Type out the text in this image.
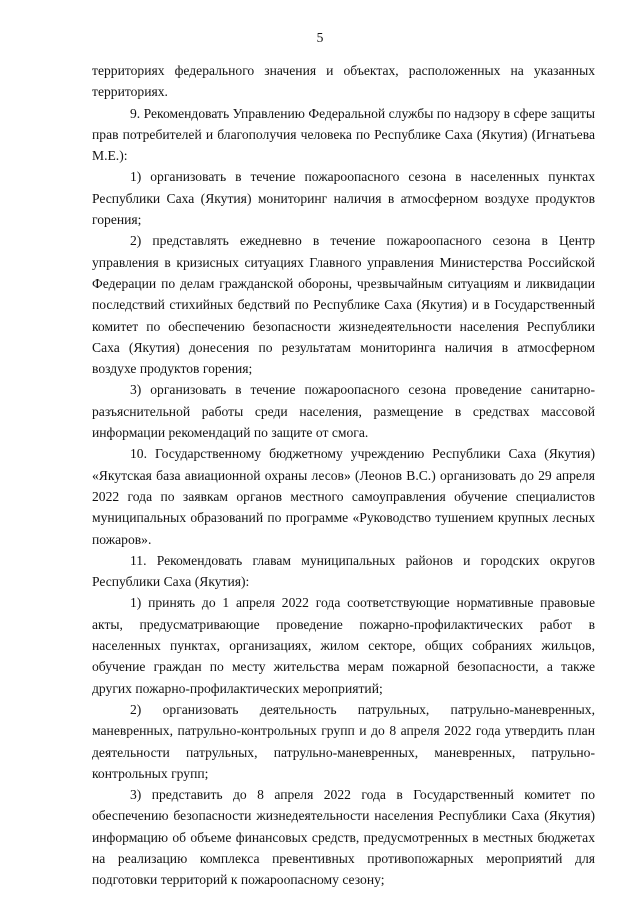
5

территориях федерального значения и объектах, расположенных на указанных территориях.

9. Рекомендовать Управлению Федеральной службы по надзору в сфере защиты прав потребителей и благополучия человека по Республике Саха (Якутия) (Игнатьева М.Е.):

1) организовать в течение пожароопасного сезона в населенных пунктах Республики Саха (Якутия) мониторинг наличия в атмосферном воздухе продуктов горения;

2) представлять ежедневно в течение пожароопасного сезона в Центр управления в кризисных ситуациях Главного управления Министерства Российской Федерации по делам гражданской обороны, чрезвычайным ситуациям и ликвидации последствий стихийных бедствий по Республике Саха (Якутия) и в Государственный комитет по обеспечению безопасности жизнедеятельности населения Республики Саха (Якутия) донесения по результатам мониторинга наличия в атмосферном воздухе продуктов горения;

3) организовать в течение пожароопасного сезона проведение санитарно-разъяснительной работы среди населения, размещение в средствах массовой информации рекомендаций по защите от смога.

10. Государственному бюджетному учреждению Республики Саха (Якутия) «Якутская база авиационной охраны лесов» (Леонов В.С.) организовать до 29 апреля 2022 года по заявкам органов местного самоуправления обучение специалистов муниципальных образований по программе «Руководство тушением крупных лесных пожаров».

11. Рекомендовать главам муниципальных районов и городских округов Республики Саха (Якутия):

1) принять до 1 апреля 2022 года соответствующие нормативные правовые акты, предусматривающие проведение пожарно-профилактических работ в населенных пунктах, организациях, жилом секторе, общих собраниях жильцов, обучение граждан по месту жительства мерам пожарной безопасности, а также других пожарно-профилактических мероприятий;

2) организовать деятельность патрульных, патрульно-маневренных, маневренных, патрульно-контрольных групп и до 8 апреля 2022 года утвердить план деятельности патрульных, патрульно-маневренных, маневренных, патрульно-контрольных групп;

3) представить до 8 апреля 2022 года в Государственный комитет по обеспечению безопасности жизнедеятельности населения Республики Саха (Якутия) информацию об объеме финансовых средств, предусмотренных в местных бюджетах на реализацию комплекса превентивных противопожарных мероприятий для подготовки территорий к пожароопасному сезону;
